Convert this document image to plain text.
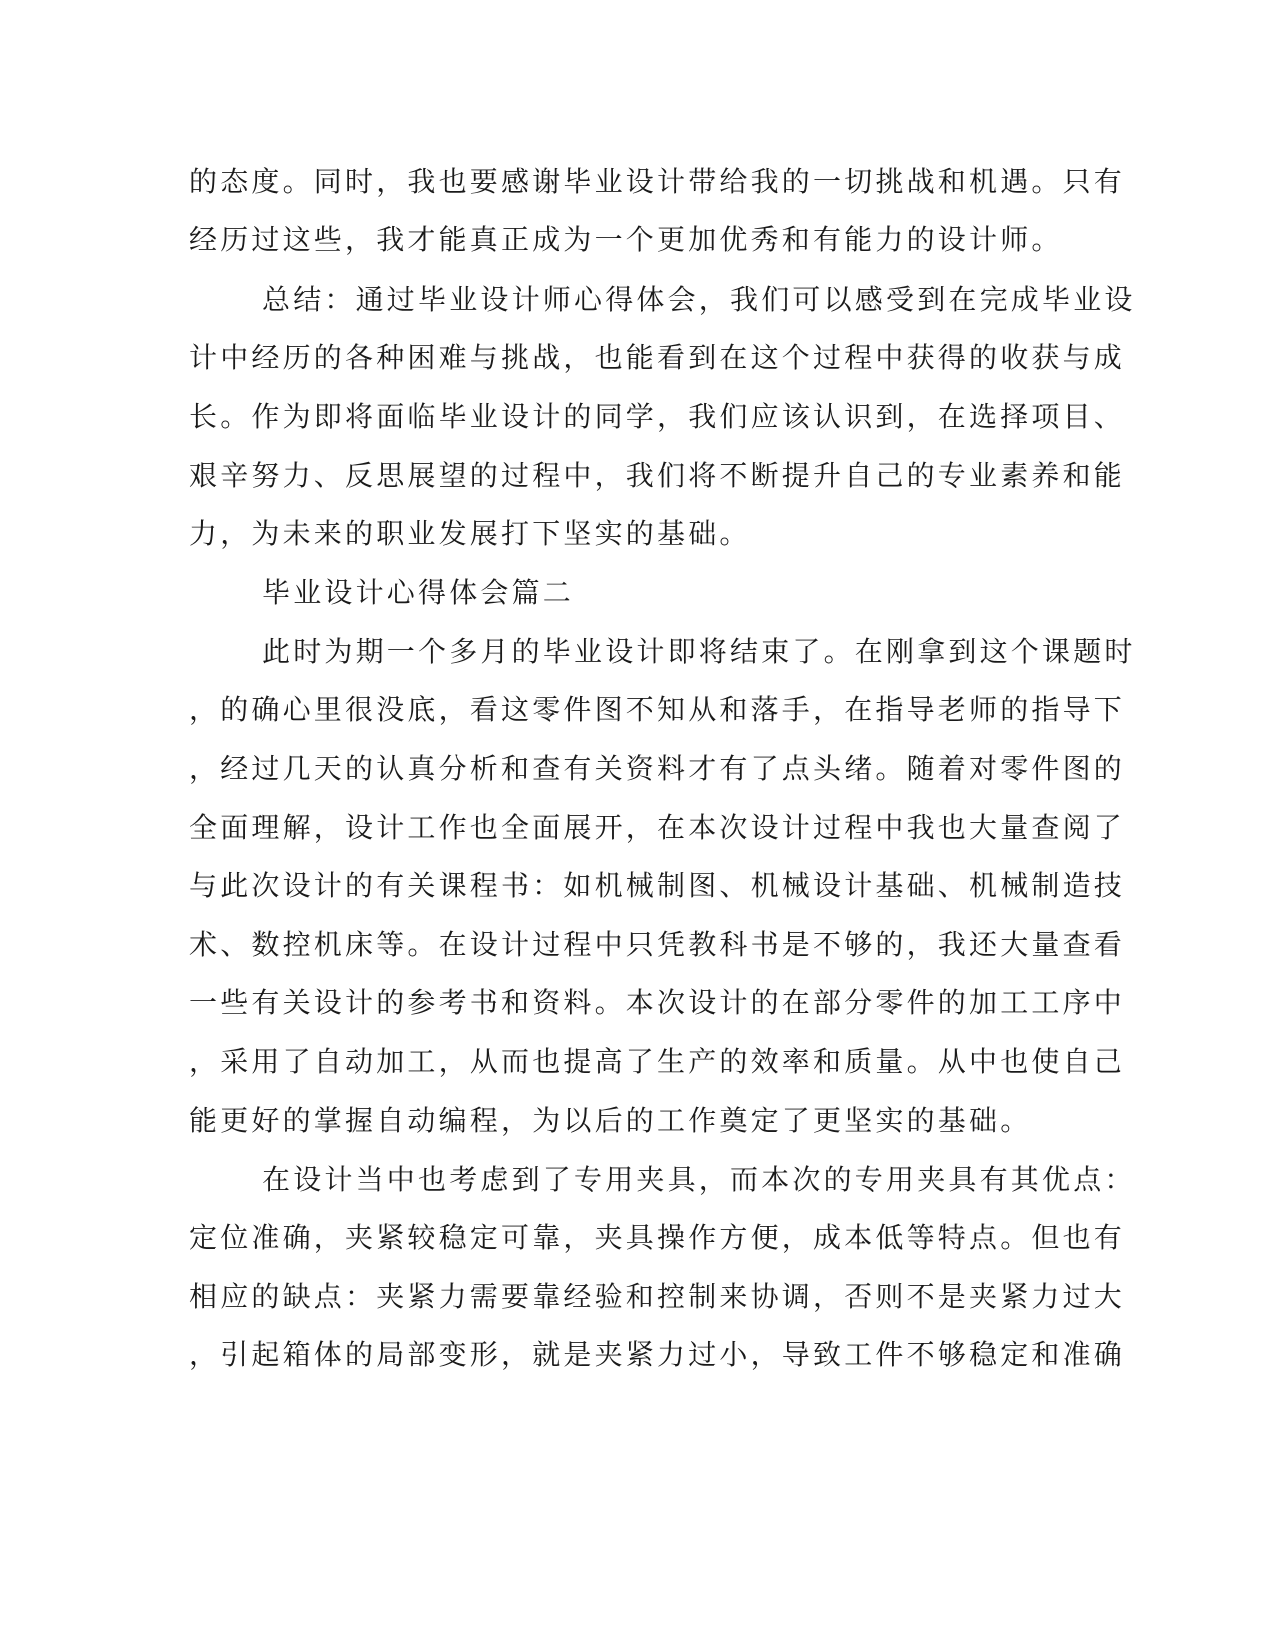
的态度。同时，我也要感谢毕业设计带给我的一切挑战和机遇。只有
经历过这些，我才能真正成为一个更加优秀和有能力的设计师。
总结：通过毕业设计师心得体会，我们可以感受到在完成毕业设
计中经历的各种困难与挑战，也能看到在这个过程中获得的收获与成
长。作为即将面临毕业设计的同学，我们应该认识到，在选择项目、
艰辛努力、反思展望的过程中，我们将不断提升自己的专业素养和能
力，为未来的职业发展打下坚实的基础。
毕业设计心得体会篇二
此时为期一个多月的毕业设计即将结束了。在刚拿到这个课题时
，的确心里很没底，看这零件图不知从和落手，在指导老师的指导下
，经过几天的认真分析和查有关资料才有了点头绪。随着对零件图的
全面理解，设计工作也全面展开，在本次设计过程中我也大量查阅了
与此次设计的有关课程书：如机械制图、机械设计基础、机械制造技
术、数控机床等。在设计过程中只凭教科书是不够的，我还大量查看
一些有关设计的参考书和资料。本次设计的在部分零件的加工工序中
，采用了自动加工，从而也提高了生产的效率和质量。从中也使自己
能更好的掌握自动编程，为以后的工作奠定了更坚实的基础。
在设计当中也考虑到了专用夹具，而本次的专用夹具有其优点：
定位准确，夹紧较稳定可靠，夹具操作方便，成本低等特点。但也有
相应的缺点：夹紧力需要靠经验和控制来协调，否则不是夹紧力过大
，引起箱体的局部变形，就是夹紧力过小，导致工件不够稳定和准确
